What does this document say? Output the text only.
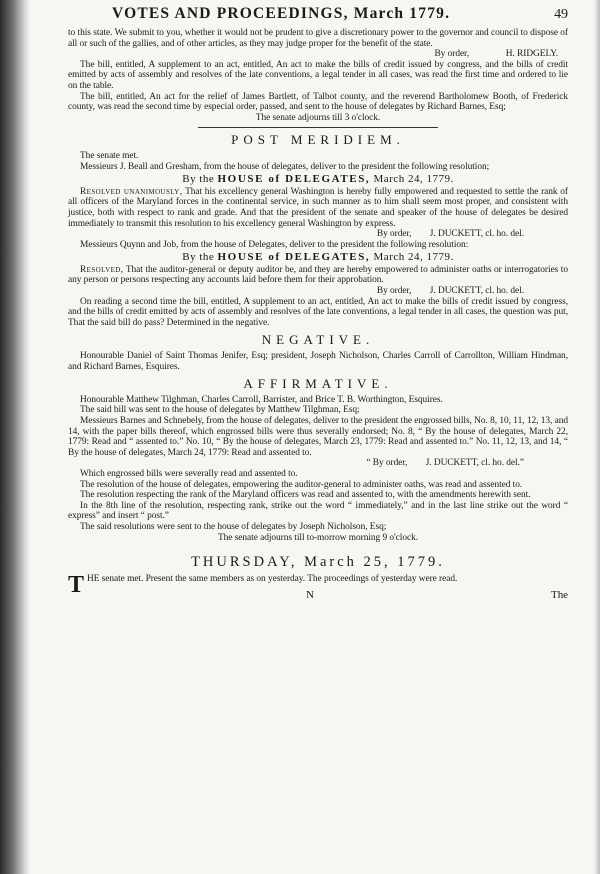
VOTES AND PROCEEDINGS, March 1779.	49

to this state. We submit to you, whether it would not be prudent to give a discretionary power to the governor and council to dispose of all or such of the gallies, and of other articles, as they may judge proper for the benefit of the state.

By order,                H. RIDGELY.

The bill, entitled, A supplement to an act, entitled, An act to make the bills of credit issued by congress, and the bills of credit emitted by acts of assembly and resolves of the late conventions, a legal tender in all cases, was read the first time and ordered to lie on the table.

The bill, entitled, An act for the relief of James Bartlett, of Talbot county, and the reverend Bartholomew Booth, of Frederick county, was read the second time by especial order, passed, and sent to the house of delegates by Richard Barnes, Esq;

The senate adjourns till 3 o'clock.

POST MERIDIEM.

The senate met.

Messieurs J. Beall and Gresham, from the house of delegates, deliver to the president the following resolution;

By the HOUSE of DELEGATES, March 24, 1779.

Resolved unanimously, That his excellency general Washington is hereby fully empowered and requested to settle the rank of all officers of the Maryland forces in the continental service, in such manner as to him shall seem most proper, and consistent with justice, both with respect to rank and grade. And that the president of the senate and speaker of the house of delegates be desired immediately to transmit this resolution to his excellency general Washington by express.

By order,        J. DUCKETT, cl. ho. del.

Messieurs Quynn and Job, from the house of Delegates, deliver to the president the following resolution:

By the HOUSE of DELEGATES, March 24, 1779.

Resolved, That the auditor-general or deputy auditor be, and they are hereby empowered to administer oaths or interrogatories to any person or persons respecting any accounts laid before them for their approbation.

By order,        J. DUCKETT, cl. ho. del.

On reading a second time the bill, entitled, A supplement to an act, entitled, An act to make the bills of credit issued by congress, and the bills of credit emitted by acts of assembly and resolves of the late conventions, a legal tender in all cases, the question was put, That the said bill do pass? Determined in the negative.

NEGATIVE.

Honourable Daniel of Saint Thomas Jenifer, Esq; president, Joseph Nicholson, Charles Carroll of Carrollton, William Hindman, and Richard Barnes, Esquires.

AFFIRMATIVE.

Honourable Matthew Tilghman, Charles Carroll, Barrister, and Brice T. B. Worthington, Esquires.

The said bill was sent to the house of delegates by Matthew Tilghman, Esq;

Messieurs Barnes and Schnebely, from the house of delegates, deliver to the president the engrossed bills, No. 8, 10, 11, 12, 13, and 14, with the paper bills thereof, which engrossed bills were thus severally endorsed; No. 8, “ By the house of delegates, March 22, 1779: Read and “ assented to.” No. 10, “ By the house of delegates, March 23, 1779: Read and assented to.” No. 11, 12, 13, and 14, “ By the house of delegates, March 24, 1779: Read and assented to.

“ By order,        J. DUCKETT, cl. ho. del.”

Which engrossed bills were severally read and assented to.

The resolution of the house of delegates, empowering the auditor-general to administer oaths, was read and assented to.

The resolution respecting the rank of the Maryland officers was read and assented to, with the amendments herewith sent.

In the 8th line of the resolution, respecting rank, strike out the word “ immediately,” and in the last line strike out the word “ express” and insert “ post.”

The said resolutions were sent to the house of delegates by Joseph Nicholson, Esq;

The senate adjourns till to-morrow morning 9 o'clock.

THURSDAY, March 25, 1779.

THE senate met. Present the same members as on yesterday. The proceedings of yesterday were read.

N	The
